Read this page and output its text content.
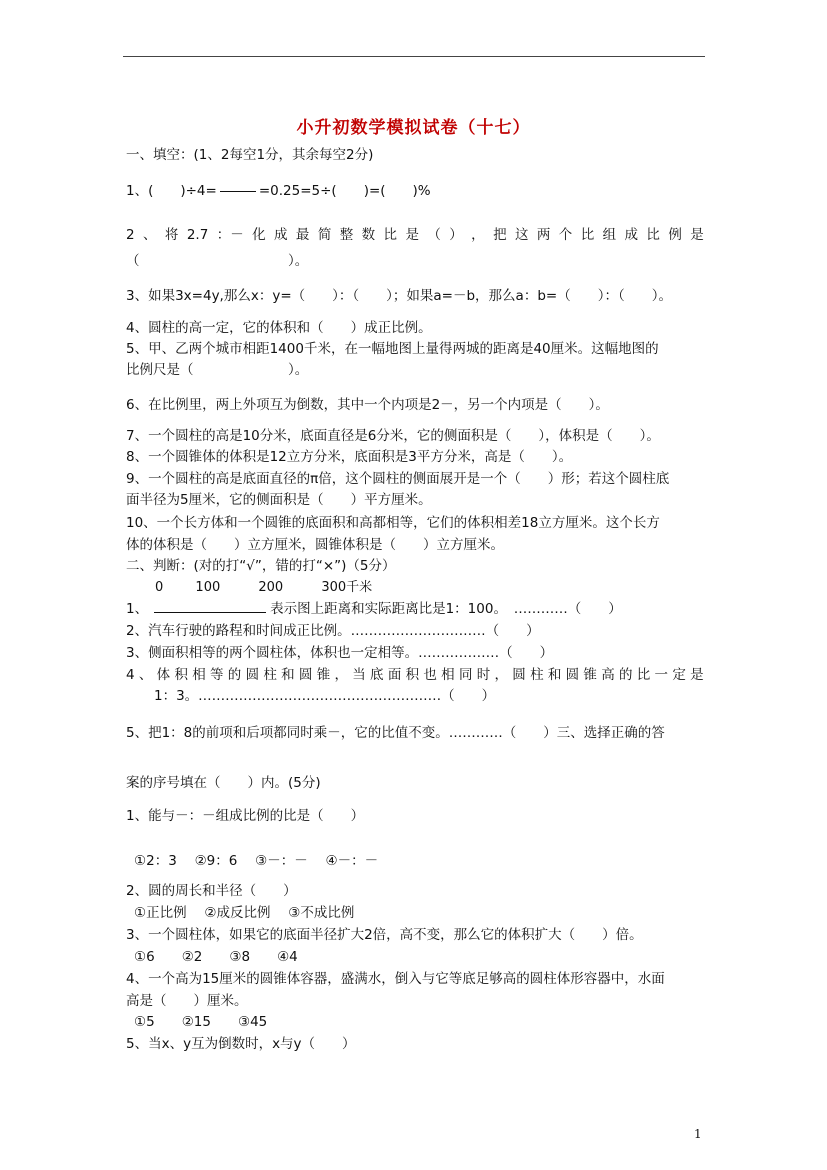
小升初数学模拟试卷（十七）
一、填空：(1、2每空1分，其余每空2分)
1、(　　)÷4=	=0.25=5÷(　　)=(　　)%
2 、 将 2.7 ：－ 化 成 最 简 整 数 比 是 （ ） ， 把 这 两 个 比 组 成 比 例 是
（　　　　　　　　　　　）。
3、如果3x=4y,那么x：y=（　　）：（　　）；如果a=－b，那么a：b=（　　）：（　　）。
4、圆柱的高一定，它的体积和（　　）成正比例。
5、甲、乙两个城市相距1400千米，在一幅地图上量得两城的距离是40厘米。这幅地图的
比例尺是（　　　　　　　）。
6、在比例里，两上外项互为倒数，其中一个内项是2－，另一个内项是（　　）。
7、一个圆柱的高是10分米，底面直径是6分米，它的侧面积是（　　），体积是（　　）。
8、一个圆锥体的体积是12立方分米，底面积是3平方分米，高是（　　）。
9、一个圆柱的高是底面直径的π倍，这个圆柱的侧面展开是一个（　　）形；若这个圆柱底
面半径为5厘米，它的侧面积是（　　）平方厘米。
10、一个长方体和一个圆锥的底面积和高都相等，它们的体积相差18立方厘米。这个长方
体的体积是（　　）立方厘米，圆锥体积是（　　）立方厘米。
二、判断：(对的打“√”，错的打“×”)（5分）
0 100	200	300千米
1、	表示图上距离和实际距离比是1：100。　…………（　　）
2、汽车行驶的路程和时间成正比例。…………………………（　　）
3、侧面积相等的两个圆柱体，体积也一定相等。………………（　　）
4 、 体 积 相 等 的 圆 柱 和 圆 锥 ， 当 底 面 积 也 相 同 时 ， 圆 柱 和 圆 锥 高 的 比 一 定 是
1：3。………………………………………………（　　）
5、把1：8的前项和后项都同时乘－，它的比值不变。…………（　　）三、选择正确的答
案的序号填在（　　）内。(5分)
1、能与－：－组成比例的比是（　　）
①2：3　 ②9：6　 ③－：－　 ④－：－
2、圆的周长和半径（　　）
①正比例　 ②成反比例　 ③不成比例
3、一个圆柱体，如果它的底面半径扩大2倍，高不变，那么它的体积扩大（　　）倍。
①6　　②2　　③8　　④4
4、一个高为15厘米的圆锥体容器，盛满水，倒入与它等底足够高的圆柱体形容器中，水面
高是（　　）厘米。
①5　　②15　　③45
5、当x、y互为倒数时，x与y（　　）
1
